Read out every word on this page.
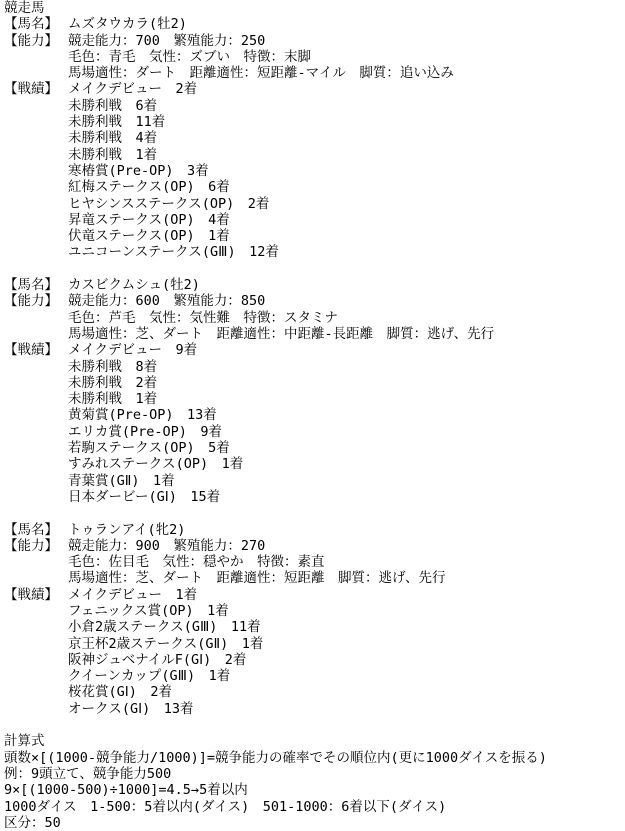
競走馬
【馬名】 ムズタウカラ(牡2)
【能力】 競走能力：700　繁殖能力：250
毛色：青毛　気性：ズブい　特徴：末脚
馬場適性：ダート　距離適性：短距離-マイル　脚質：追い込み
【戦績】 メイクデビュー　2着
未勝利戦　6着
未勝利戦　11着
未勝利戦　4着
未勝利戦　1着
寒椿賞(Pre-OP)　3着
紅梅ステークス(OP)　6着
ヒヤシンスステークス(OP)　2着
昇竜ステークス(OP)　4着
伏竜ステークス(OP)　1着
ユニコーンステークス(GⅢ)　12着
【馬名】 カスビクムシュ(牡2)
【能力】 競走能力：600　繁殖能力：850
毛色：芦毛　気性：気性難　特徴：スタミナ
馬場適性：芝、ダート　距離適性：中距離-長距離　脚質：逃げ、先行
【戦績】 メイクデビュー　9着
未勝利戦　8着
未勝利戦　2着
未勝利戦　1着
黄菊賞(Pre-OP)　13着
エリカ賞(Pre-OP)　9着
若駒ステークス(OP)　5着
すみれステークス(OP)　1着
青葉賞(GⅡ)　1着
日本ダービー(GⅠ)　15着
【馬名】 トゥランアイ(牝2)
【能力】 競走能力：900　繁殖能力：270
毛色：佐目毛　気性：穏やか　特徴：素直
馬場適性：芝、ダート　距離適性：短距離　脚質：逃げ、先行
【戦績】 メイクデビュー　1着
フェニックス賞(OP)　1着
小倉2歳ステークス(GⅢ)　11着
京王杯2歳ステークス(GⅡ)　1着
阪神ジュベナイルF(GⅠ)　2着
クイーンカップ(GⅢ)　1着
桜花賞(GⅠ)　2着
オークス(GⅠ)　13着
計算式
頭数×[(1000-競争能力/1000)]=競争能力の確率でその順位内(更に1000ダイスを振る)
例：9頭立て、競争能力500
9×[(1000-500)÷1000]=4.5→5着以内
1000ダイス　1-500：5着以内(ダイス)　501-1000：6着以下(ダイス)
区分：50
